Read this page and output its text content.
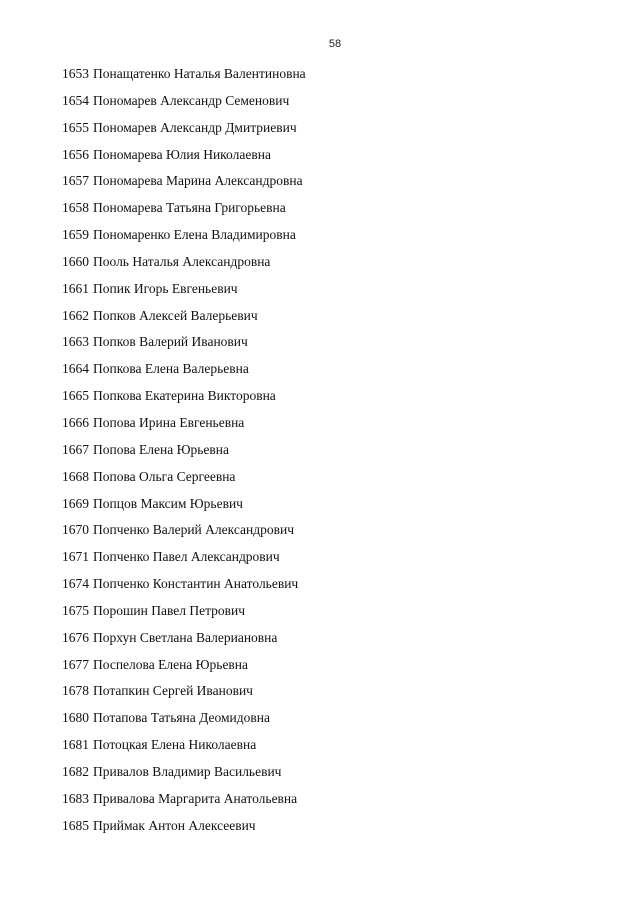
58
1653 Понащатенко Наталья Валентиновна
1654 Пономарев Александр Семенович
1655 Пономарев Александр Дмитриевич
1656 Пономарева Юлия Николаевна
1657 Пономарева Марина Александровна
1658 Пономарева Татьяна Григорьевна
1659 Пономаренко Елена Владимировна
1660 Пооль Наталья Александровна
1661 Попик Игорь Евгеньевич
1662 Попков Алексей Валерьевич
1663 Попков Валерий Иванович
1664 Попкова Елена Валерьевна
1665 Попкова Екатерина Викторовна
1666 Попова Ирина Евгеньевна
1667 Попова Елена Юрьевна
1668 Попова Ольга Сергеевна
1669 Попцов Максим Юрьевич
1670 Попченко Валерий Александрович
1671 Попченко Павел Александрович
1674 Попченко Константин Анатольевич
1675 Порошин Павел Петрович
1676 Порхун Светлана Валериановна
1677 Поспелова Елена Юрьевна
1678 Потапкин Сергей Иванович
1680 Потапова Татьяна Деомидовна
1681 Потоцкая Елена Николаевна
1682 Привалов Владимир Васильевич
1683 Привалова Маргарита Анатольевна
1685 Приймак Антон Алексеевич
